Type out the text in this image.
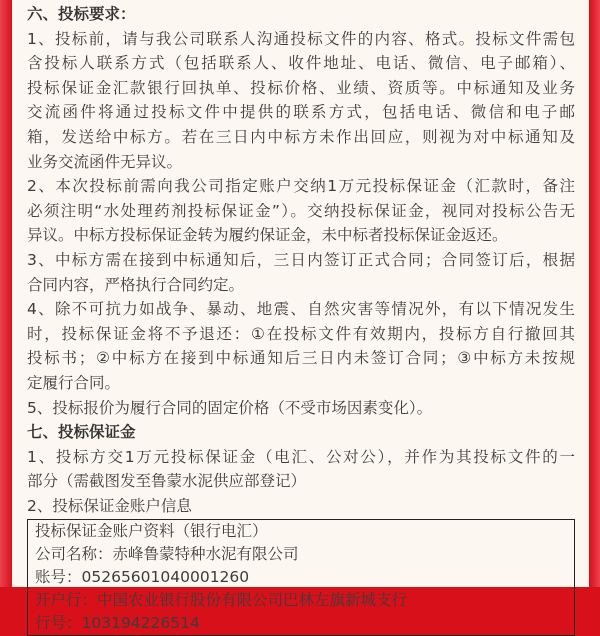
六、投标要求：
1、投标前，请与我公司联系人沟通投标文件的内容、格式。投标文件需包
含投标人联系方式（包括联系人、收件地址、电话、微信、电子邮箱）、
投标保证金汇款银行回执单、投标价格、业绩、资质等。中标通知及业务
交流函件将通过投标文件中提供的联系方式，包括电话、微信和电子邮
箱，发送给中标方。若在三日内中标方未作出回应，则视为对中标通知及
业务交流函件无异议。
2、本次投标前需向我公司指定账户交纳1万元投标保证金（汇款时，备注
必须注明“水处理药剂投标保证金”）。交纳投标保证金，视同对投标公告无
异议。中标方投标保证金转为履约保证金，未中标者投标保证金返还。
3、中标方需在接到中标通知后，三日内签订正式合同；合同签订后，根据
合同内容，严格执行合同约定。
4、除不可抗力如战争、暴动、地震、自然灾害等情况外，有以下情况发生
时，投标保证金将不予退还：①在投标文件有效期内，投标方自行撤回其
投标书；②中标方在接到中标通知后三日内未签订合同；③中标方未按规
定履行合同。
5、投标报价为履行合同的固定价格（不受市场因素变化）。
七、投标保证金
1、投标方交1万元投标保证金（电汇、公对公），并作为其投标文件的一
部分（需截图发至鲁蒙水泥供应部登记）
2、投标保证金账户信息
投标保证金账户资料（银行电汇）
公司名称：赤峰鲁蒙特种水泥有限公司
账号：05265601040001260
开户行：中国农业银行股份有限公司巴林左旗新城支行
行号：103194226514
